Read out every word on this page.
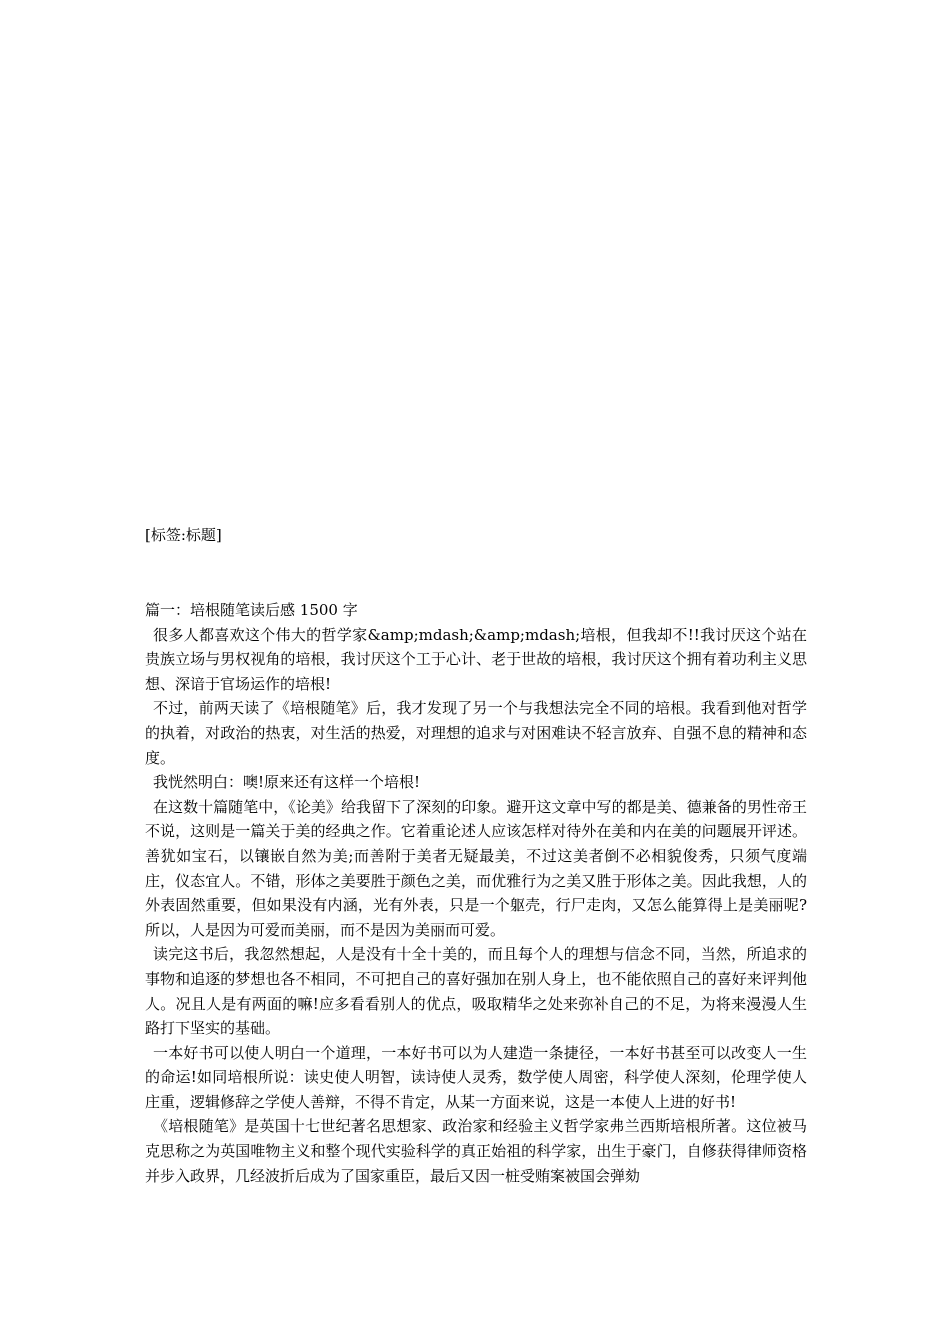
[标签:标题]

篇一：培根随笔读后感 1500 字

很多人都喜欢这个伟大的哲学家&amp;mdash;&amp;mdash;培根，但我却不!!我讨厌这个站在贵族立场与男权视角的培根，我讨厌这个工于心计、老于世故的培根，我讨厌这个拥有着功利主义思想、深谙于官场运作的培根!

不过，前两天读了《培根随笔》后，我才发现了另一个与我想法完全不同的培根。我看到他对哲学的执着，对政治的热衷，对生活的热爱，对理想的追求与对困难诀不轻言放弃、自强不息的精神和态度。

我恍然明白：噢!原来还有这样一个培根!

在这数十篇随笔中，《论美》给我留下了深刻的印象。避开这文章中写的都是美、德兼备的男性帝王不说，这则是一篇关于美的经典之作。它着重论述人应该怎样对待外在美和内在美的问题展开评述。善犹如宝石，以镶嵌自然为美;而善附于美者无疑最美，不过这美者倒不必相貌俊秀，只须气度端庄，仪态宜人。不错，形体之美要胜于颜色之美，而优雅行为之美又胜于形体之美。因此我想，人的外表固然重要，但如果没有内涵，光有外表，只是一个躯壳，行尸走肉，又怎么能算得上是美丽呢?所以，人是因为可爱而美丽，而不是因为美丽而可爱。

读完这书后，我忽然想起，人是没有十全十美的，而且每个人的理想与信念不同，当然，所追求的事物和追逐的梦想也各不相同，不可把自己的喜好强加在别人身上，也不能依照自己的喜好来评判他人。况且人是有两面的嘛!应多看看别人的优点，吸取精华之处来弥补自己的不足，为将来漫漫人生路打下坚实的基础。

一本好书可以使人明白一个道理，一本好书可以为人建造一条捷径，一本好书甚至可以改变人一生的命运!如同培根所说：读史使人明智，读诗使人灵秀，数学使人周密，科学使人深刻，伦理学使人庄重，逻辑修辞之学使人善辩，不得不肯定，从某一方面来说，这是一本使人上进的好书!

《培根随笔》是英国十七世纪著名思想家、政治家和经验主义哲学家弗兰西斯培根所著。这位被马克思称之为英国唯物主义和整个现代实验科学的真正始祖的科学家，出生于豪门，自修获得律师资格并步入政界，几经波折后成为了国家重臣，最后又因一桩受贿案被国会弹劾
